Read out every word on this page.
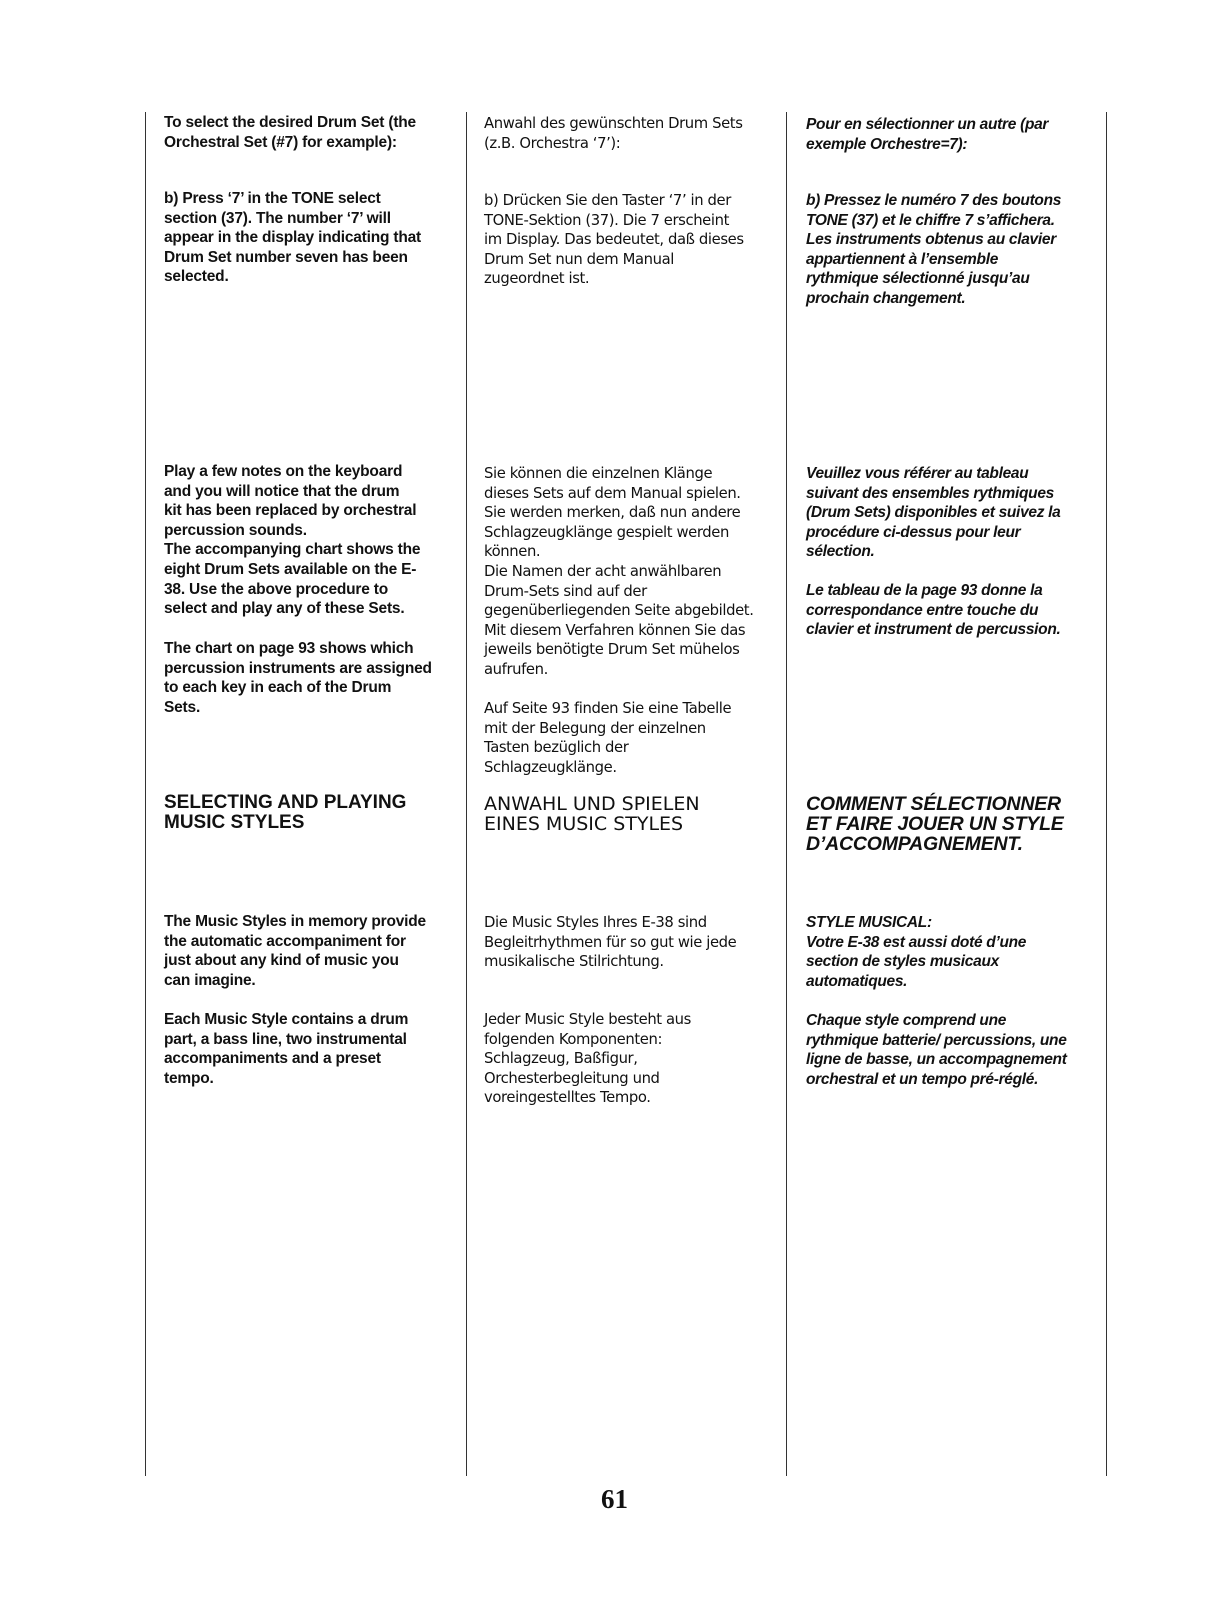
To select the desired Drum Set (the
Orchestral Set (#7) for example):

b) Press ‘7’ in the TONE select
section (37). The number ‘7’ will
appear in the display indicating that
Drum Set number seven has been
selected.

Play a few notes on the keyboard
and you will notice that the drum
kit has been replaced by orchestral
percussion sounds.
The accompanying chart shows the
eight Drum Sets available on the E-
38. Use the above procedure to
select and play any of these Sets.

The chart on page 93 shows which
percussion instruments are assigned
to each key in each of the Drum
Sets.

SELECTING AND PLAYING
MUSIC STYLES

The Music Styles in memory provide
the automatic accompaniment for
just about any kind of music you
can imagine.

Each Music Style contains a drum
part, a bass line, two instrumental
accompaniments and a preset
tempo.

Anwahl des gewünschten Drum Sets
(z.B. Orchestra ‘7’):

b) Drücken Sie den Taster ‘7’ in der
TONE-Sektion (37). Die 7 erscheint
im Display. Das bedeutet, daß dieses
Drum Set nun dem Manual
zugeordnet ist.

Sie können die einzelnen Klänge
dieses Sets auf dem Manual spielen.
Sie werden merken, daß nun andere
Schlagzeugklänge gespielt werden
können.
Die Namen der acht anwählbaren
Drum-Sets sind auf der
gegenüberliegenden Seite abgebildet.
Mit diesem Verfahren können Sie das
jeweils benötigte Drum Set mühelos
aufrufen.

Auf Seite 93 finden Sie eine Tabelle
mit der Belegung der einzelnen
Tasten bezüglich der
Schlagzeugklänge.

ANWAHL UND SPIELEN
EINES MUSIC STYLES

Die Music Styles Ihres E-38 sind
Begleitrhythmen für so gut wie jede
musikalische Stilrichtung.

Jeder Music Style besteht aus
folgenden Komponenten:
Schlagzeug, Baßfigur,
Orchesterbegleitung und
voreingestelltes Tempo.

Pour en sélectionner un autre (par
exemple Orchestre=7):

b) Pressez le numéro 7 des boutons
TONE (37) et le chiffre 7 s’affichera.
Les instruments obtenus au clavier
appartiennent à l’ensemble
rythmique sélectionné jusqu’au
prochain changement.

Veuillez vous référer au tableau
suivant des ensembles rythmiques
(Drum Sets) disponibles et suivez la
procédure ci-dessus pour leur
sélection.

Le tableau de la page 93 donne la
correspondance entre touche du
clavier et instrument de percussion.

COMMENT SÉLECTIONNER
ET FAIRE JOUER UN STYLE
D’ACCOMPAGNEMENT.

STYLE MUSICAL:
Votre E-38 est aussi doté d’une
section de styles musicaux
automatiques.

Chaque style comprend une
rythmique batterie/ percussions, une
ligne de basse, un accompagnement
orchestral et un tempo pré-réglé.

61
